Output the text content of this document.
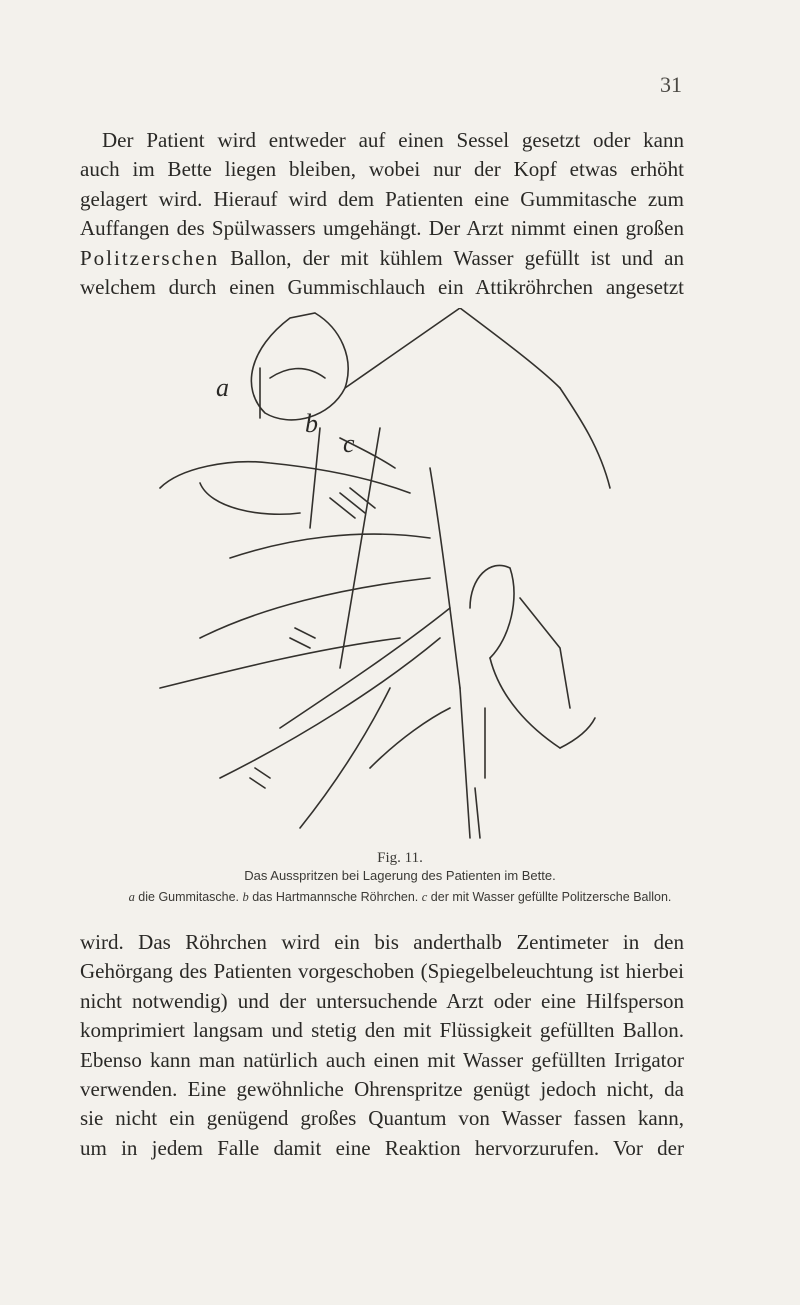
31

Der Patient wird entweder auf einen Sessel gesetzt oder kann
auch im Bette liegen bleiben, wobei nur der Kopf etwas erhöht
gelagert wird. Hierauf wird dem Patienten eine Gummitasche zum
Auffangen des Spülwassers umgehängt. Der Arzt nimmt einen großen
Politzerschen Ballon, der mit kühlem Wasser gefüllt ist und an
welchem durch einen Gummischlauch ein Attikröhrchen angesetzt

a
b
c
Fig. 11.
Das Ausspritzen bei Lagerung des Patienten im Bette.
a die Gummitasche. b das Hartmannsche Röhrchen. c der mit Wasser gefüllte Politzersche Ballon.

wird. Das Röhrchen wird ein bis anderthalb Zentimeter in den
Gehörgang des Patienten vorgeschoben (Spiegelbeleuchtung ist hierbei
nicht notwendig) und der untersuchende Arzt oder eine Hilfsperson
komprimiert langsam und stetig den mit Flüssigkeit gefüllten Ballon.
Ebenso kann man natürlich auch einen mit Wasser gefüllten Irrigator
verwenden. Eine gewöhnliche Ohrenspritze genügt jedoch nicht, da
sie nicht ein genügend großes Quantum von Wasser fassen kann,
um in jedem Falle damit eine Reaktion hervorzurufen. Vor der
